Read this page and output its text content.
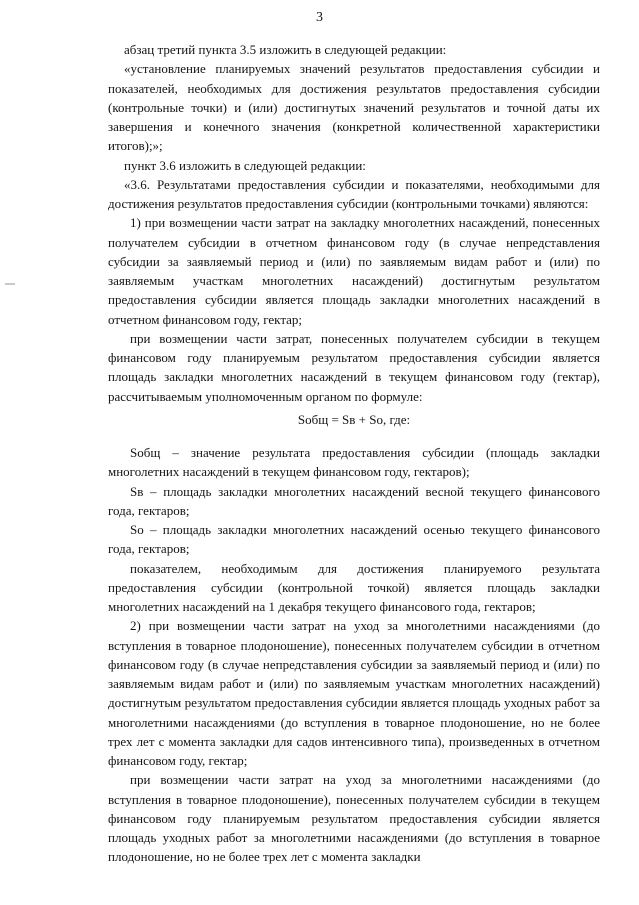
3

абзац третий пункта 3.5 изложить в следующей редакции:

«установление планируемых значений результатов предоставления субсидии и показателей, необходимых для достижения результатов предоставления субсидии (контрольные точки) и (или) достигнутых значений результатов и точной даты их завершения и конечного значения (конкретной количественной характеристики итогов);»;

пункт 3.6 изложить в следующей редакции:

«3.6. Результатами предоставления субсидии и показателями, необходимыми для достижения результатов предоставления субсидии (контрольными точками) являются:

1) при возмещении части затрат на закладку многолетних насаждений, понесенных получателем субсидии в отчетном финансовом году (в случае непредставления субсидии за заявляемый период и (или) по заявляемым видам работ и (или) по заявляемым участкам многолетних насаждений) достигнутым результатом предоставления субсидии является площадь закладки многолетних насаждений в отчетном финансовом году, гектар;

при возмещении части затрат, понесенных получателем субсидии в текущем финансовом году планируемым результатом предоставления субсидии является площадь закладки многолетних насаждений в текущем финансовом году (гектар), рассчитываемым уполномоченным органом по формуле:

Sобщ = Sв + Sо, где:

Sобщ – значение результата предоставления субсидии (площадь закладки многолетних насаждений в текущем финансовом году, гектаров);

Sв – площадь закладки многолетних насаждений весной текущего финансового года, гектаров;

Sо – площадь закладки многолетних насаждений осенью текущего финансового года, гектаров;

показателем, необходимым для достижения планируемого результата предоставления субсидии (контрольной точкой) является площадь закладки многолетних насаждений на 1 декабря текущего финансового года, гектаров;

2) при возмещении части затрат на уход за многолетними насаждениями (до вступления в товарное плодоношение), понесенных получателем субсидии в отчетном финансовом году (в случае непредставления субсидии за заявляемый период и (или) по заявляемым видам работ и (или) по заявляемым участкам многолетних насаждений) достигнутым результатом предоставления субсидии является площадь уходных работ за многолетними насаждениями (до вступления в товарное плодоношение, но не более трех лет с момента закладки для садов интенсивного типа), произведенных в отчетном финансовом году, гектар;

при возмещении части затрат на уход за многолетними насаждениями (до вступления в товарное плодоношение), понесенных получателем субсидии в текущем финансовом году планируемым результатом предоставления субсидии является площадь уходных работ за многолетними насаждениями (до вступления в товарное плодоношение, но не более трех лет с момента закладки
